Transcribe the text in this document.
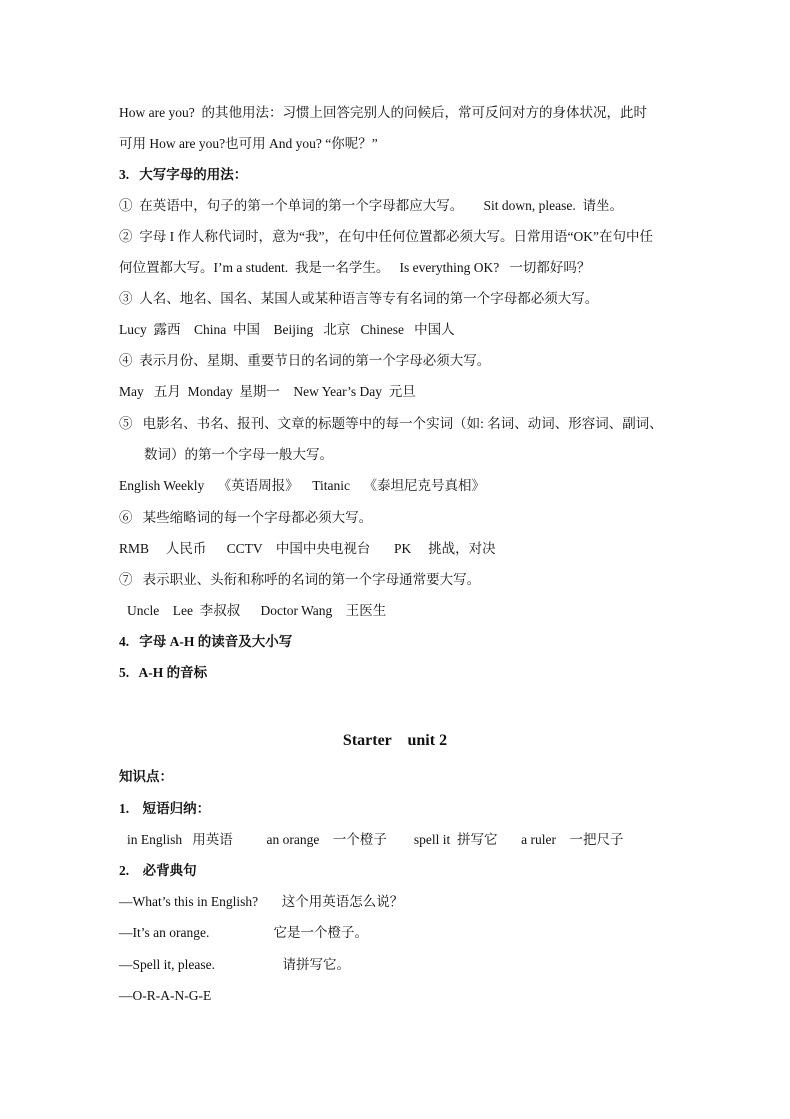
How are you?  的其他用法：习惯上回答完别人的问候后，常可反问对方的身体状况，此时
可用 How are you?也可用 And you? “你呢？”
3.   大写字母的用法：
①  在英语中，句子的第一个单词的第一个字母都应大写。      Sit down, please.  请坐。
②  字母 I 作人称代词时，意为“我”，在句中任何位置都必须大写。日常用语“OK”在句中任
何位置都大写。I’m a student.  我是一名学生。   Is everything OK?   一切都好吗？
③  人名、地名、国名、某国人或某种语言等专有名词的第一个字母都必须大写。
Lucy  露西    China  中国    Beijing   北京   Chinese   中国人
④  表示月份、星期、重要节日的名词的第一个字母必须大写。
May   五月  Monday  星期一    New Year’s Day  元旦
⑤   电影名、书名、报刊、文章的标题等中的每一个实词（如: 名词、动词、形容词、副词、
数词）的第一个字母一般大写。
English Weekly    《英语周报》    Titanic    《泰坦尼克号真相》
⑥   某些缩略词的每一个字母都必须大写。
RMB     人民币      CCTV    中国中央电视台       PK     挑战，对决
⑦   表示职业、头衔和称呼的名词的第一个字母通常要大写。
Uncle    Lee  李叔叔      Doctor Wang    王医生
4.   字母 A-H 的读音及大小写
5.   A-H 的音标
Starter    unit 2
知识点：
1.    短语归纳：
in English   用英语          an orange    一个橙子        spell it  拼写它       a ruler    一把尺子
2.    必背典句
—What’s this in English?       这个用英语怎么说？
—It’s an orange.                   它是一个橙子。
—Spell it, please.                    请拼写它。
—O-R-A-N-G-E
